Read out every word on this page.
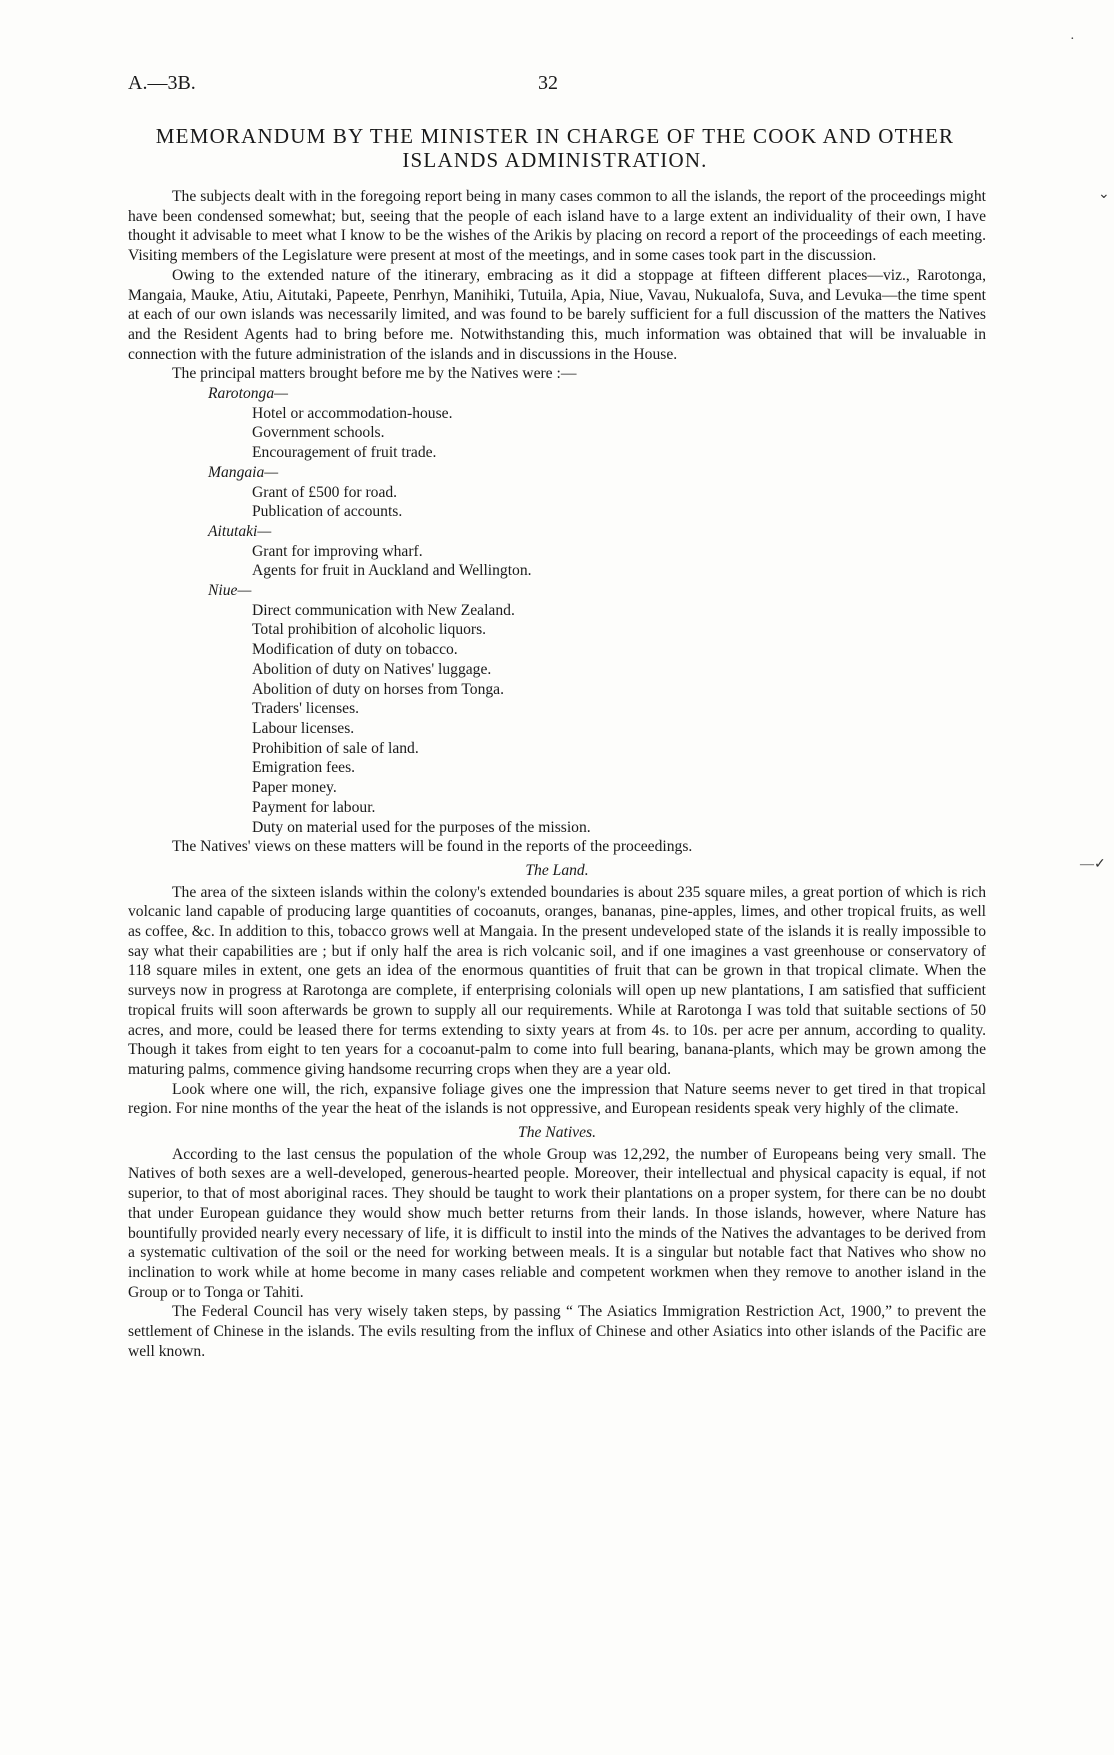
·
⌄
—✓
A.—3B.	32
MEMORANDUM BY THE MINISTER IN CHARGE OF THE COOK AND OTHER ISLANDS ADMINISTRATION.

The subjects dealt with in the foregoing report being in many cases common to all the islands, the report of the proceedings might have been condensed somewhat; but, seeing that the people of each island have to a large extent an individuality of their own, I have thought it advisable to meet what I know to be the wishes of the Arikis by placing on record a report of the proceedings of each meeting. Visiting members of the Legislature were present at most of the meetings, and in some cases took part in the discussion.

Owing to the extended nature of the itinerary, embracing as it did a stoppage at fifteen different places—viz., Rarotonga, Mangaia, Mauke, Atiu, Aitutaki, Papeete, Penrhyn, Manihiki, Tutuila, Apia, Niue, Vavau, Nukualofa, Suva, and Levuka—the time spent at each of our own islands was necessarily limited, and was found to be barely sufficient for a full discussion of the matters the Natives and the Resident Agents had to bring before me. Notwithstanding this, much information was obtained that will be invaluable in connection with the future administration of the islands and in discussions in the House.

The principal matters brought before me by the Natives were :—

Rarotonga—
Hotel or accommodation-house.
Government schools.
Encouragement of fruit trade.
Mangaia—
Grant of £500 for road.
Publication of accounts.
Aitutaki—
Grant for improving wharf.
Agents for fruit in Auckland and Wellington.
Niue—
Direct communication with New Zealand.
Total prohibition of alcoholic liquors.
Modification of duty on tobacco.
Abolition of duty on Natives' luggage.
Abolition of duty on horses from Tonga.
Traders' licenses.
Labour licenses.
Prohibition of sale of land.
Emigration fees.
Paper money.
Payment for labour.
Duty on material used for the purposes of the mission.

The Natives' views on these matters will be found in the reports of the proceedings.

The Land.

The area of the sixteen islands within the colony's extended boundaries is about 235 square miles, a great portion of which is rich volcanic land capable of producing large quantities of cocoanuts, oranges, bananas, pine-apples, limes, and other tropical fruits, as well as coffee, &c. In addition to this, tobacco grows well at Mangaia. In the present undeveloped state of the islands it is really impossible to say what their capabilities are ; but if only half the area is rich volcanic soil, and if one imagines a vast greenhouse or conservatory of 118 square miles in extent, one gets an idea of the enormous quantities of fruit that can be grown in that tropical climate. When the surveys now in progress at Rarotonga are complete, if enterprising colonials will open up new plantations, I am satisfied that sufficient tropical fruits will soon afterwards be grown to supply all our requirements. While at Rarotonga I was told that suitable sections of 50 acres, and more, could be leased there for terms extending to sixty years at from 4s. to 10s. per acre per annum, according to quality. Though it takes from eight to ten years for a cocoanut-palm to come into full bearing, banana-plants, which may be grown among the maturing palms, commence giving handsome recurring crops when they are a year old.

Look where one will, the rich, expansive foliage gives one the impression that Nature seems never to get tired in that tropical region. For nine months of the year the heat of the islands is not oppressive, and European residents speak very highly of the climate.

The Natives.

According to the last census the population of the whole Group was 12,292, the number of Europeans being very small. The Natives of both sexes are a well-developed, generous-hearted people. Moreover, their intellectual and physical capacity is equal, if not superior, to that of most aboriginal races. They should be taught to work their plantations on a proper system, for there can be no doubt that under European guidance they would show much better returns from their lands. In those islands, however, where Nature has bountifully provided nearly every necessary of life, it is difficult to instil into the minds of the Natives the advantages to be derived from a systematic cultivation of the soil or the need for working between meals. It is a singular but notable fact that Natives who show no inclination to work while at home become in many cases reliable and competent workmen when they remove to another island in the Group or to Tonga or Tahiti.

The Federal Council has very wisely taken steps, by passing “ The Asiatics Immigration Restriction Act, 1900,” to prevent the settlement of Chinese in the islands. The evils resulting from the influx of Chinese and other Asiatics into other islands of the Pacific are well known.
